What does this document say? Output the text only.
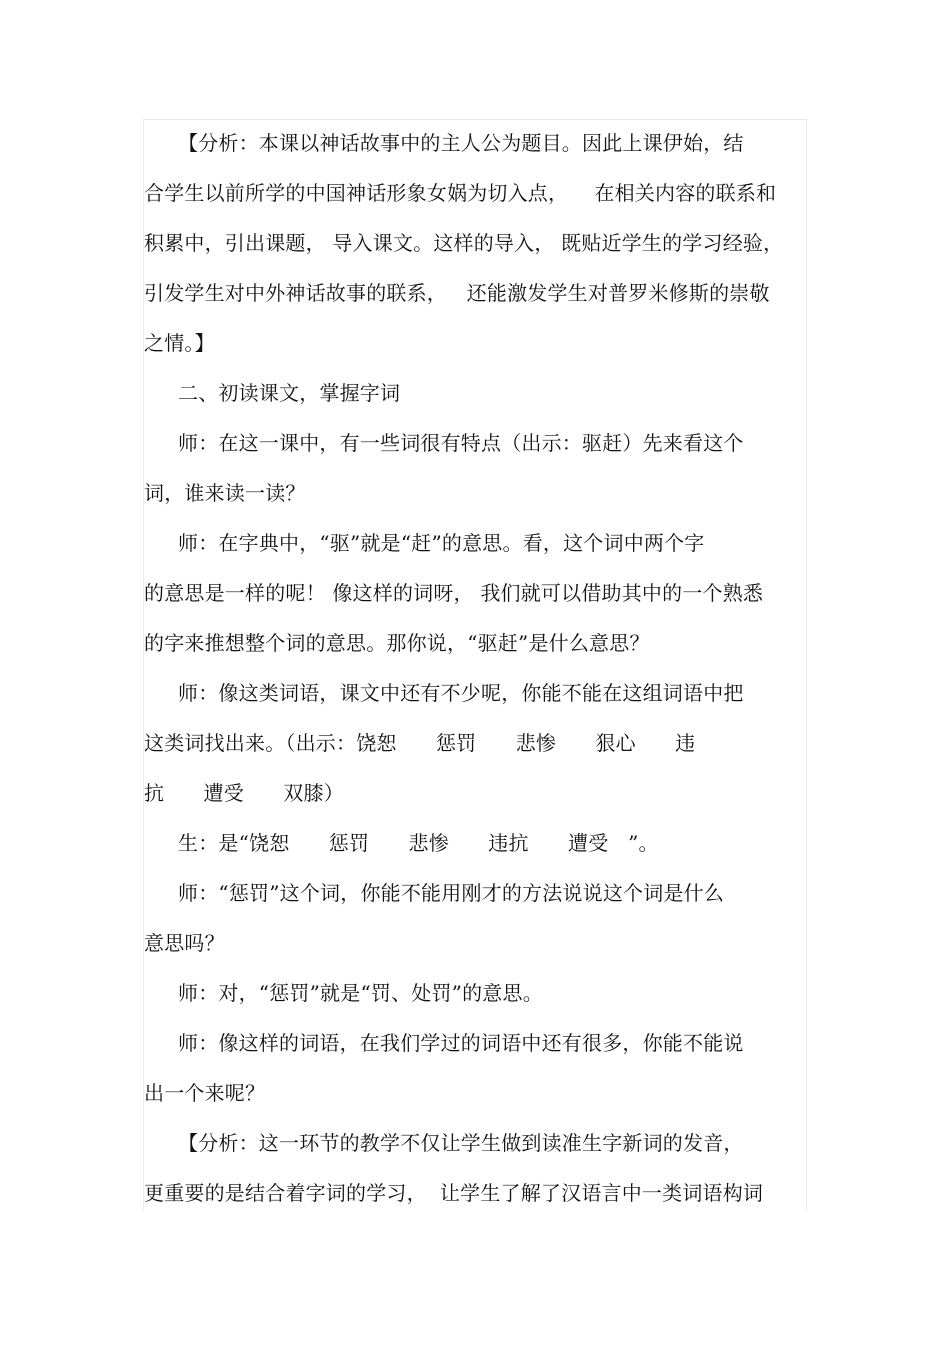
【分析：本课以神话故事中的主人公为题目。因此上课伊始，结
合学生以前所学的中国神话形象女娲为切入点，    在相关内容的联系和
积累中，引出课题， 导入课文。这样的导入， 既贴近学生的学习经验，
引发学生对中外神话故事的联系，   还能激发学生对普罗米修斯的崇敬
之情。】
二、初读课文，掌握字词
师：在这一课中，有一些词很有特点（出示：驱赶）先来看这个
词，谁来读一读？
师：在字典中，“驱”就是“赶”的意思。看，这个词中两个字
的意思是一样的呢！ 像这样的词呀， 我们就可以借助其中的一个熟悉
的字来推想整个词的意思。那你说，“驱赶”是什么意思？
师：像这类词语，课文中还有不少呢，你能不能在这组词语中把
这类词找出来。（出示：饶恕      惩罚      悲惨      狠心      违
抗      遭受      双膝）
生：是“饶恕      惩罚      悲惨      违抗      遭受   ”。
师：“惩罚”这个词，你能不能用刚才的方法说说这个词是什么
意思吗？
师：对，“惩罚”就是“罚、处罚”的意思。
师：像这样的词语，在我们学过的词语中还有很多，你能不能说
出一个来呢？
【分析：这一环节的教学不仅让学生做到读准生字新词的发音，
更重要的是结合着字词的学习，  让学生了解了汉语言中一类词语构词
